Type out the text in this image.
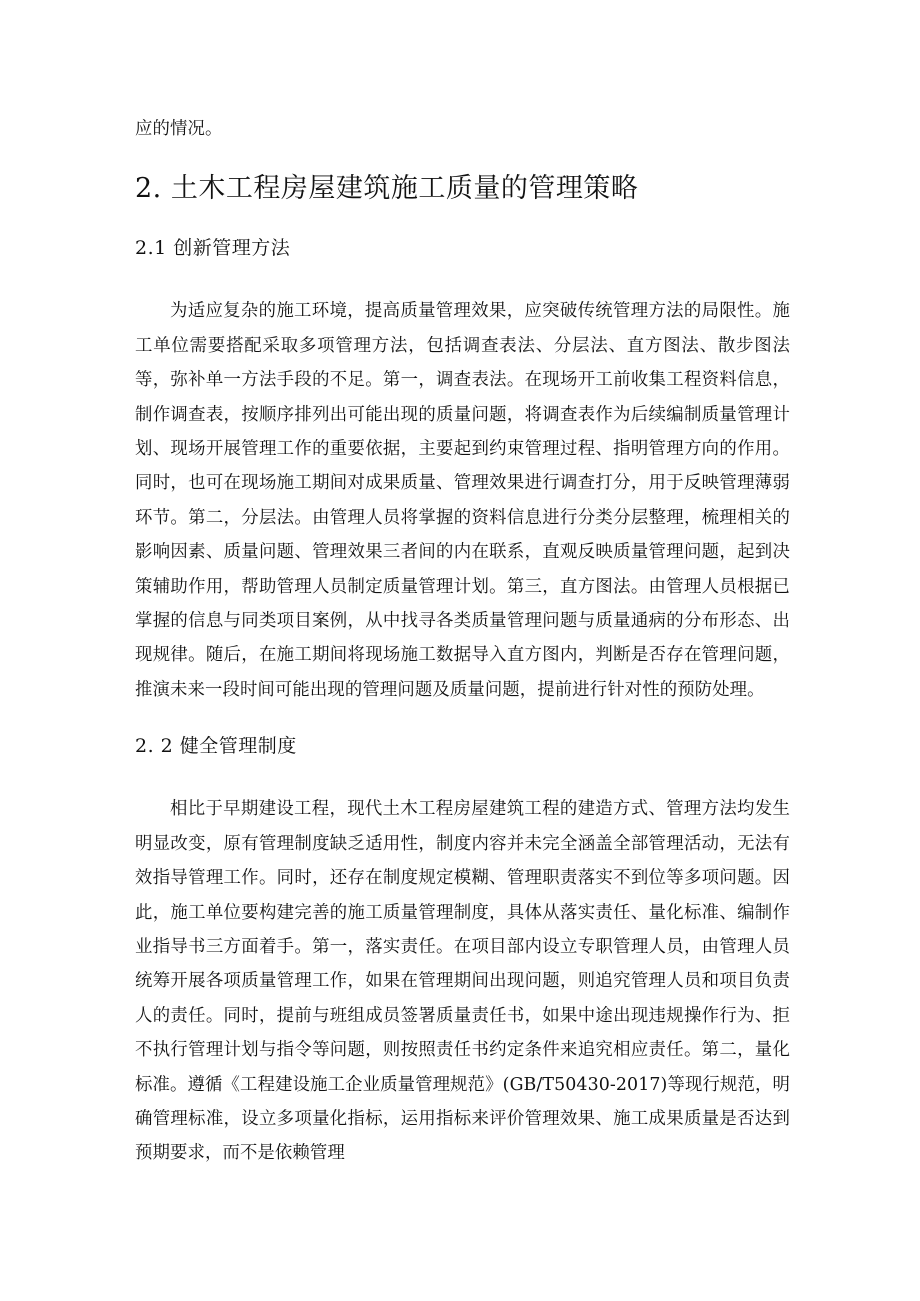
应的情况。

2. 土木工程房屋建筑施工质量的管理策略
2.1 创新管理方法

为适应复杂的施工环境，提高质量管理效果，应突破传统管理方法的局限性。施工单位需要搭配采取多项管理方法，包括调查表法、分层法、直方图法、散步图法等，弥补单一方法手段的不足。第一，调查表法。在现场开工前收集工程资料信息，制作调查表，按顺序排列出可能出现的质量问题，将调查表作为后续编制质量管理计划、现场开展管理工作的重要依据，主要起到约束管理过程、指明管理方向的作用。同时，也可在现场施工期间对成果质量、管理效果进行调查打分，用于反映管理薄弱环节。第二，分层法。由管理人员将掌握的资料信息进行分类分层整理，梳理相关的影响因素、质量问题、管理效果三者间的内在联系，直观反映质量管理问题，起到决策辅助作用，帮助管理人员制定质量管理计划。第三，直方图法。由管理人员根据已掌握的信息与同类项目案例，从中找寻各类质量管理问题与质量通病的分布形态、出现规律。随后，在施工期间将现场施工数据导入直方图内，判断是否存在管理问题，推演未来一段时间可能出现的管理问题及质量问题，提前进行针对性的预防处理。

2. 2 健全管理制度

相比于早期建设工程，现代土木工程房屋建筑工程的建造方式、管理方法均发生明显改变，原有管理制度缺乏适用性，制度内容并未完全涵盖全部管理活动，无法有效指导管理工作。同时，还存在制度规定模糊、管理职责落实不到位等多项问题。因此，施工单位要构建完善的施工质量管理制度，具体从落实责任、量化标准、编制作业指导书三方面着手。第一，落实责任。在项目部内设立专职管理人员，由管理人员统筹开展各项质量管理工作，如果在管理期间出现问题，则追究管理人员和项目负责人的责任。同时，提前与班组成员签署质量责任书，如果中途出现违规操作行为、拒不执行管理计划与指令等问题，则按照责任书约定条件来追究相应责任。第二，量化标准。遵循《工程建设施工企业质量管理规范》(GB/T50430-2017)等现行规范，明确管理标准，设立多项量化指标，运用指标来评价管理效果、施工成果质量是否达到预期要求，而不是依赖管理
